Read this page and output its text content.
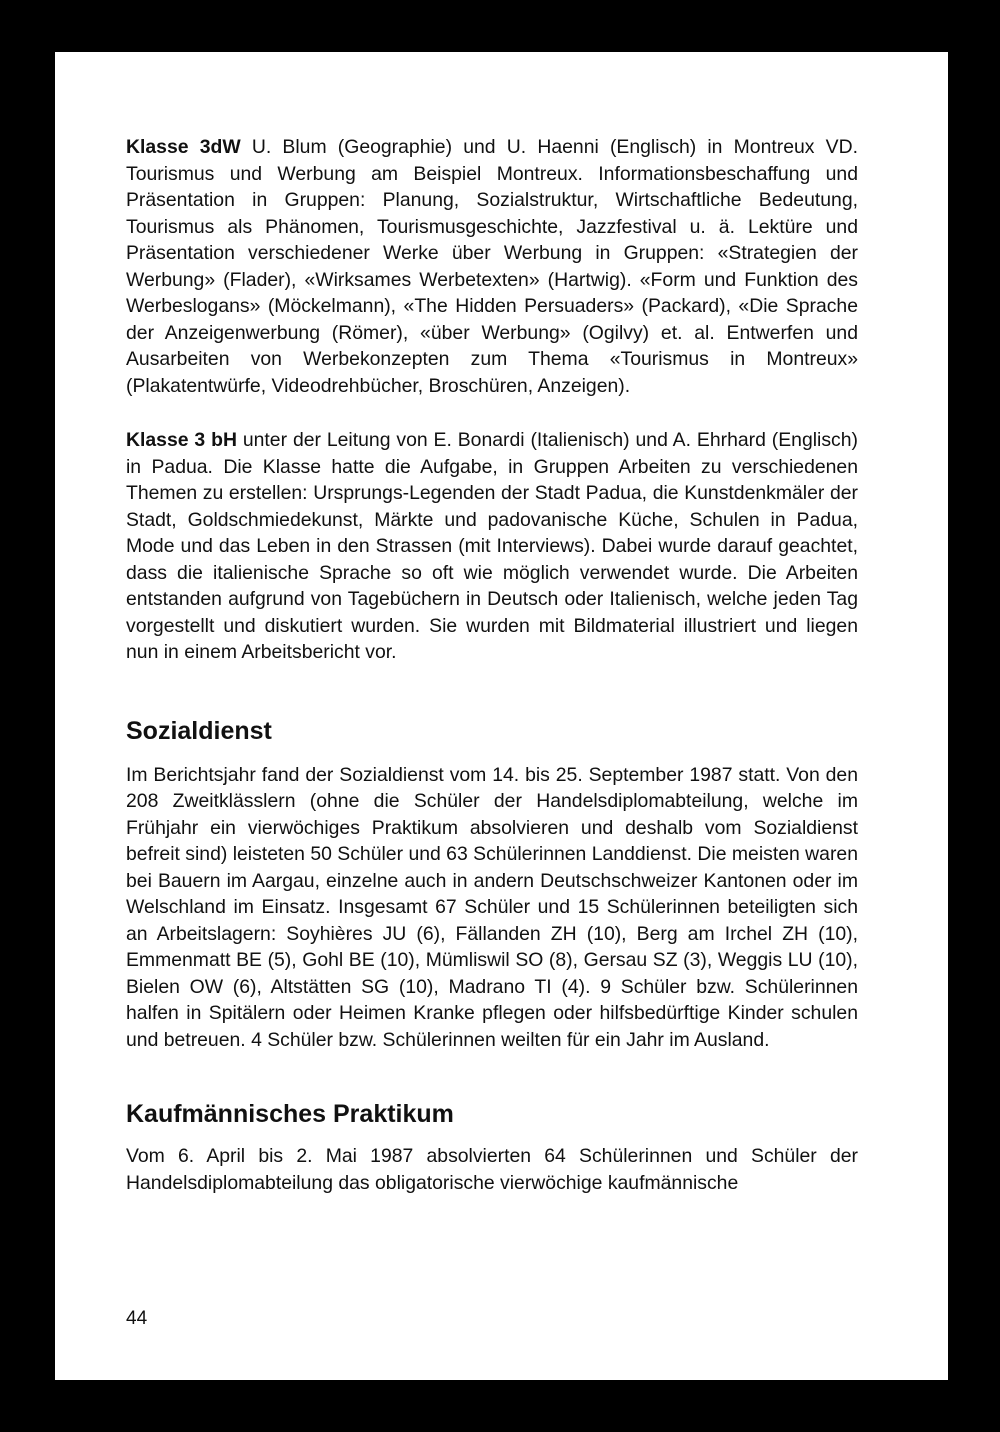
Klasse 3dW U. Blum (Geographie) und U. Haenni (Englisch) in Montreux VD. Tourismus und Werbung am Beispiel Montreux. Informationsbeschaffung und Präsentation in Gruppen: Planung, Sozialstruktur, Wirtschaftliche Bedeutung, Tourismus als Phänomen, Tourismusgeschichte, Jazzfestival u. ä. Lektüre und Präsentation verschiedener Werke über Werbung in Gruppen: «Strategien der Werbung» (Flader), «Wirksames Werbetexten» (Hartwig). «Form und Funktion des Werbeslogans» (Möckelmann), «The Hidden Persuaders» (Packard), «Die Sprache der Anzeigenwerbung (Römer), «über Werbung» (Ogilvy) et. al. Entwerfen und Ausarbeiten von Werbekonzepten zum Thema «Tourismus in Montreux» (Plakatentwürfe, Videodrehbücher, Broschüren, Anzeigen).

Klasse 3 bH unter der Leitung von E. Bonardi (Italienisch) und A. Ehrhard (Englisch) in Padua. Die Klasse hatte die Aufgabe, in Gruppen Arbeiten zu verschiedenen Themen zu erstellen: Ursprungs-Legenden der Stadt Padua, die Kunstdenkmäler der Stadt, Goldschmiedekunst, Märkte und padovanische Küche, Schulen in Padua, Mode und das Leben in den Strassen (mit Interviews). Dabei wurde darauf geachtet, dass die italienische Sprache so oft wie möglich verwendet wurde. Die Arbeiten entstanden aufgrund von Tagebüchern in Deutsch oder Italienisch, welche jeden Tag vorgestellt und diskutiert wurden. Sie wurden mit Bildmaterial illustriert und liegen nun in einem Arbeitsbericht vor.

Sozialdienst

Im Berichtsjahr fand der Sozialdienst vom 14. bis 25. September 1987 statt. Von den 208 Zweitklässlern (ohne die Schüler der Handelsdiplomabteilung, welche im Frühjahr ein vierwöchiges Praktikum absolvieren und deshalb vom Sozialdienst befreit sind) leisteten 50 Schüler und 63 Schülerinnen Landdienst. Die meisten waren bei Bauern im Aargau, einzelne auch in andern Deutschschweizer Kantonen oder im Welschland im Einsatz. Insgesamt 67 Schüler und 15 Schülerinnen beteiligten sich an Arbeitslagern: Soyhières JU (6), Fällanden ZH (10), Berg am Irchel ZH (10), Emmenmatt BE (5), Gohl BE (10), Mümliswil SO (8), Gersau SZ (3), Weggis LU (10), Bielen OW (6), Altstätten SG (10), Madrano TI (4). 9 Schüler bzw. Schülerinnen halfen in Spitälern oder Heimen Kranke pflegen oder hilfsbedürftige Kinder schulen und betreuen. 4 Schüler bzw. Schülerinnen weilten für ein Jahr im Ausland.

Kaufmännisches Praktikum

Vom 6. April bis 2. Mai 1987 absolvierten 64 Schülerinnen und Schüler der Handelsdiplomabteilung das obligatorische vierwöchige kaufmännische

44
